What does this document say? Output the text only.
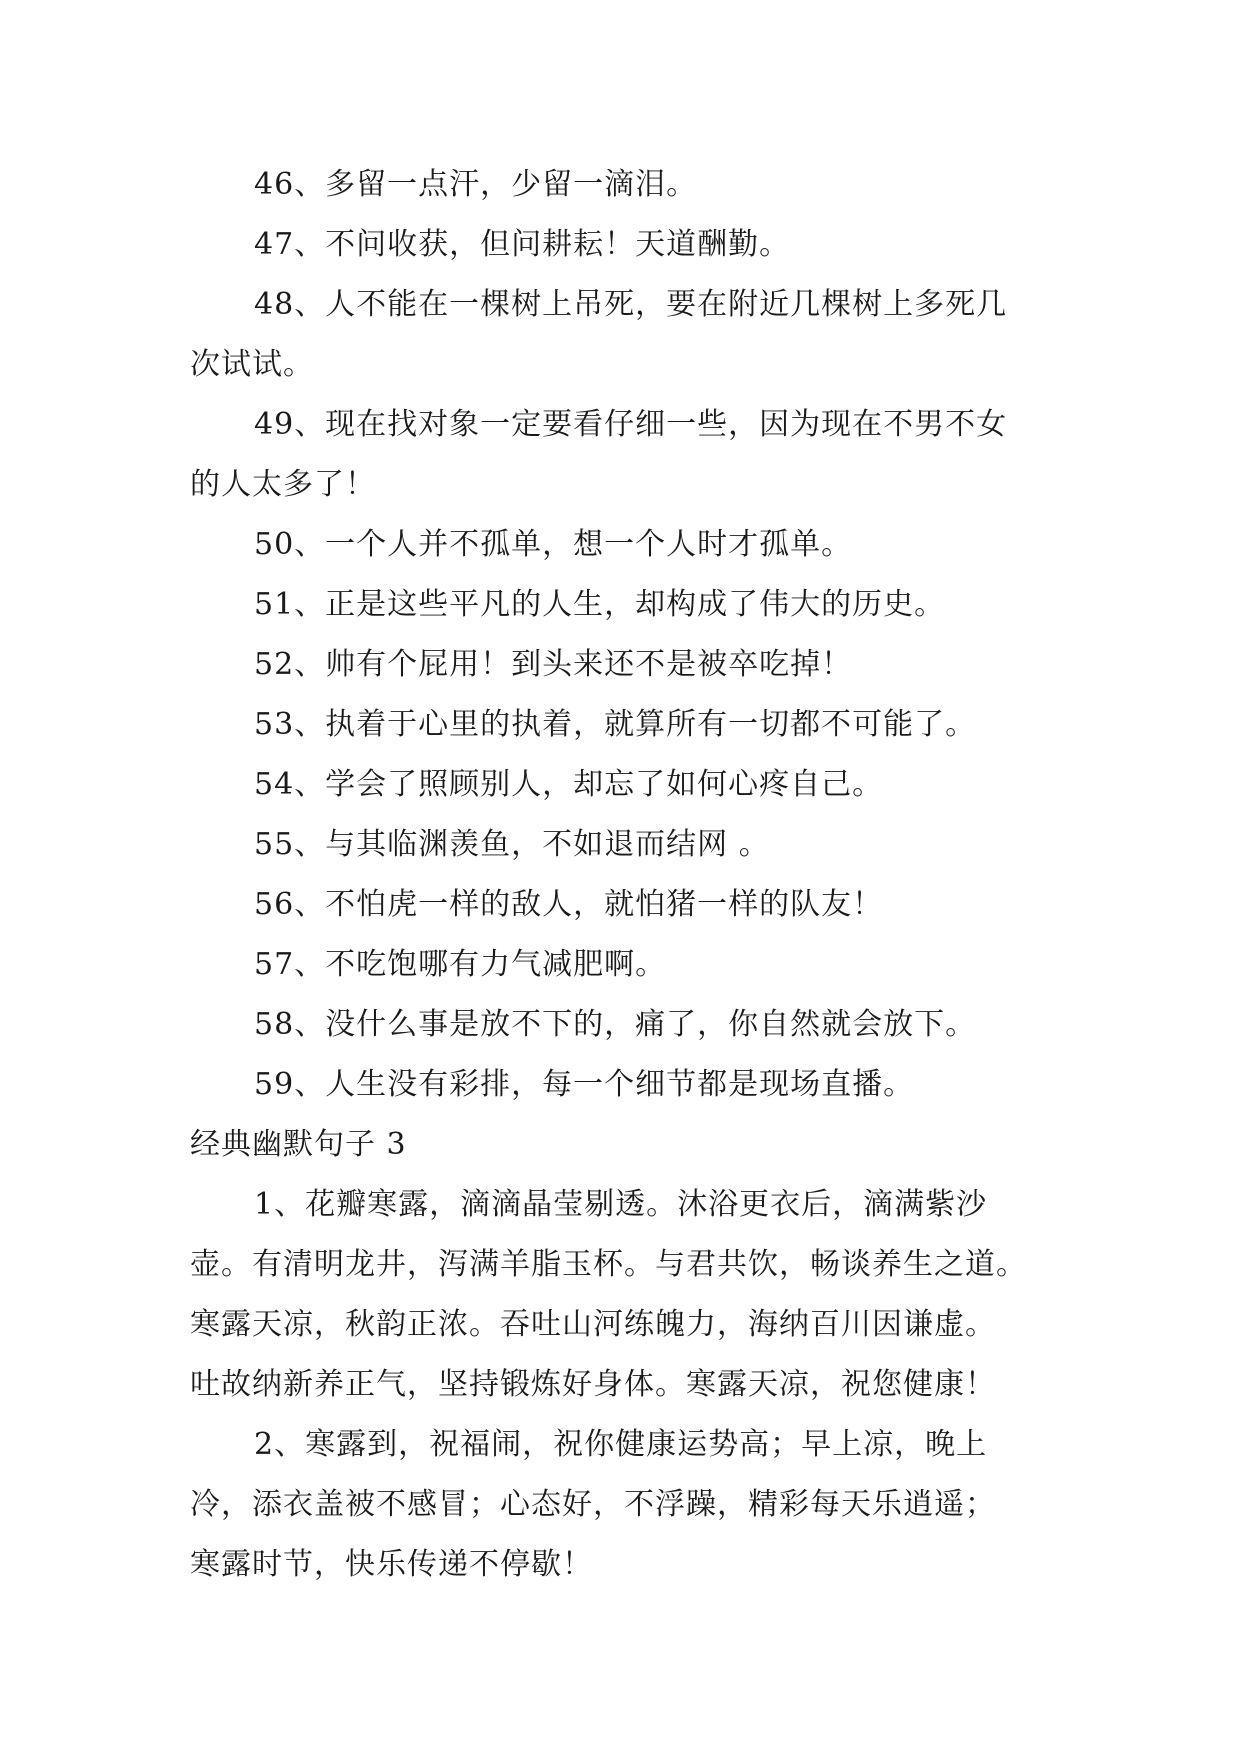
46、多留一点汗，少留一滴泪。
47、不问收获，但问耕耘！天道酬勤。
48、人不能在一棵树上吊死，要在附近几棵树上多死几
次试试。
49、现在找对象一定要看仔细一些，因为现在不男不女
的人太多了！
50、一个人并不孤单，想一个人时才孤单。
51、正是这些平凡的人生，却构成了伟大的历史。
52、帅有个屁用！到头来还不是被卒吃掉！
53、执着于心里的执着，就算所有一切都不可能了。
54、学会了照顾别人，却忘了如何心疼自己。
55、与其临渊羡鱼，不如退而结网 。
56、不怕虎一样的敌人，就怕猪一样的队友！
57、不吃饱哪有力气减肥啊。
58、没什么事是放不下的，痛了，你自然就会放下。
59、人生没有彩排，每一个细节都是现场直播。
经典幽默句子 3
1、花瓣寒露，滴滴晶莹剔透。沐浴更衣后，滴满紫沙
壶。有清明龙井，泻满羊脂玉杯。与君共饮，畅谈养生之道。
寒露天凉，秋韵正浓。吞吐山河练魄力，海纳百川因谦虚。
吐故纳新养正气，坚持锻炼好身体。寒露天凉，祝您健康！
2、寒露到，祝福闹，祝你健康运势高；早上凉，晚上
冷，添衣盖被不感冒；心态好，不浮躁，精彩每天乐逍遥；
寒露时节，快乐传递不停歇！
